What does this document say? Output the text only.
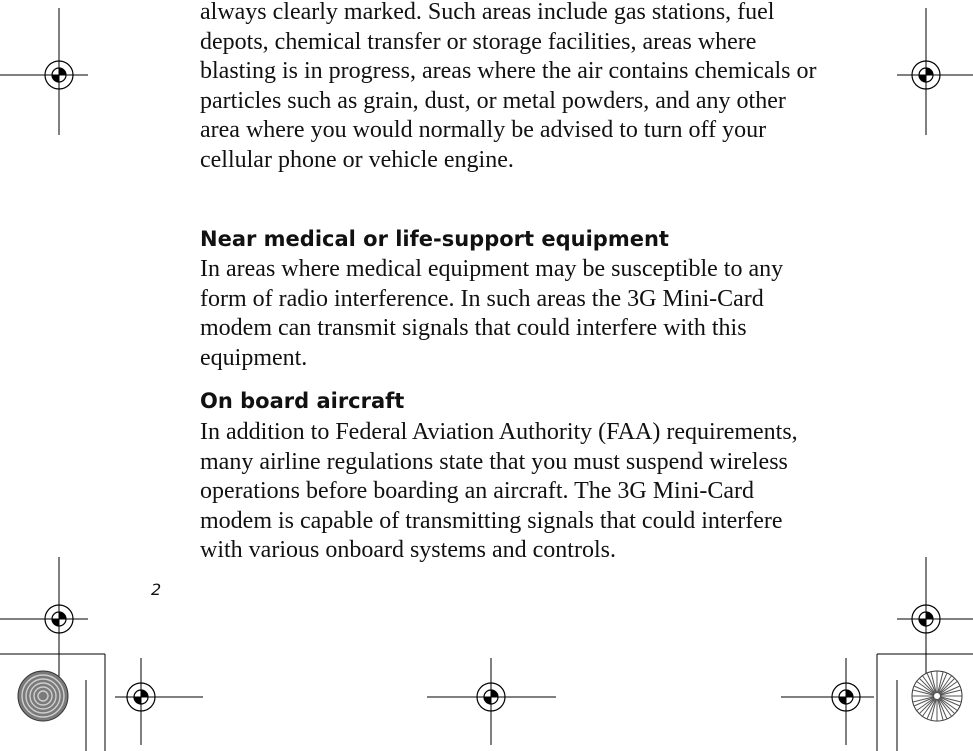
always clearly marked. Such areas include gas stations, fuel depots, chemical transfer or storage facilities, areas where blasting is in progress, areas where the air contains chemicals or particles such as grain, dust, or metal powders, and any other area where you would normally be advised to turn off your cellular phone or vehicle engine.

Near medical or life-support equipment

In areas where medical equipment may be susceptible to any form of radio interference. In such areas the 3G Mini-Card modem can transmit signals that could interfere with this equipment.

On board aircraft

In addition to Federal Aviation Authority (FAA) requirements, many airline regulations state that you must suspend wireless operations before boarding an aircraft. The 3G Mini-Card modem is capable of transmitting signals that could interfere with various onboard systems and controls.

2
